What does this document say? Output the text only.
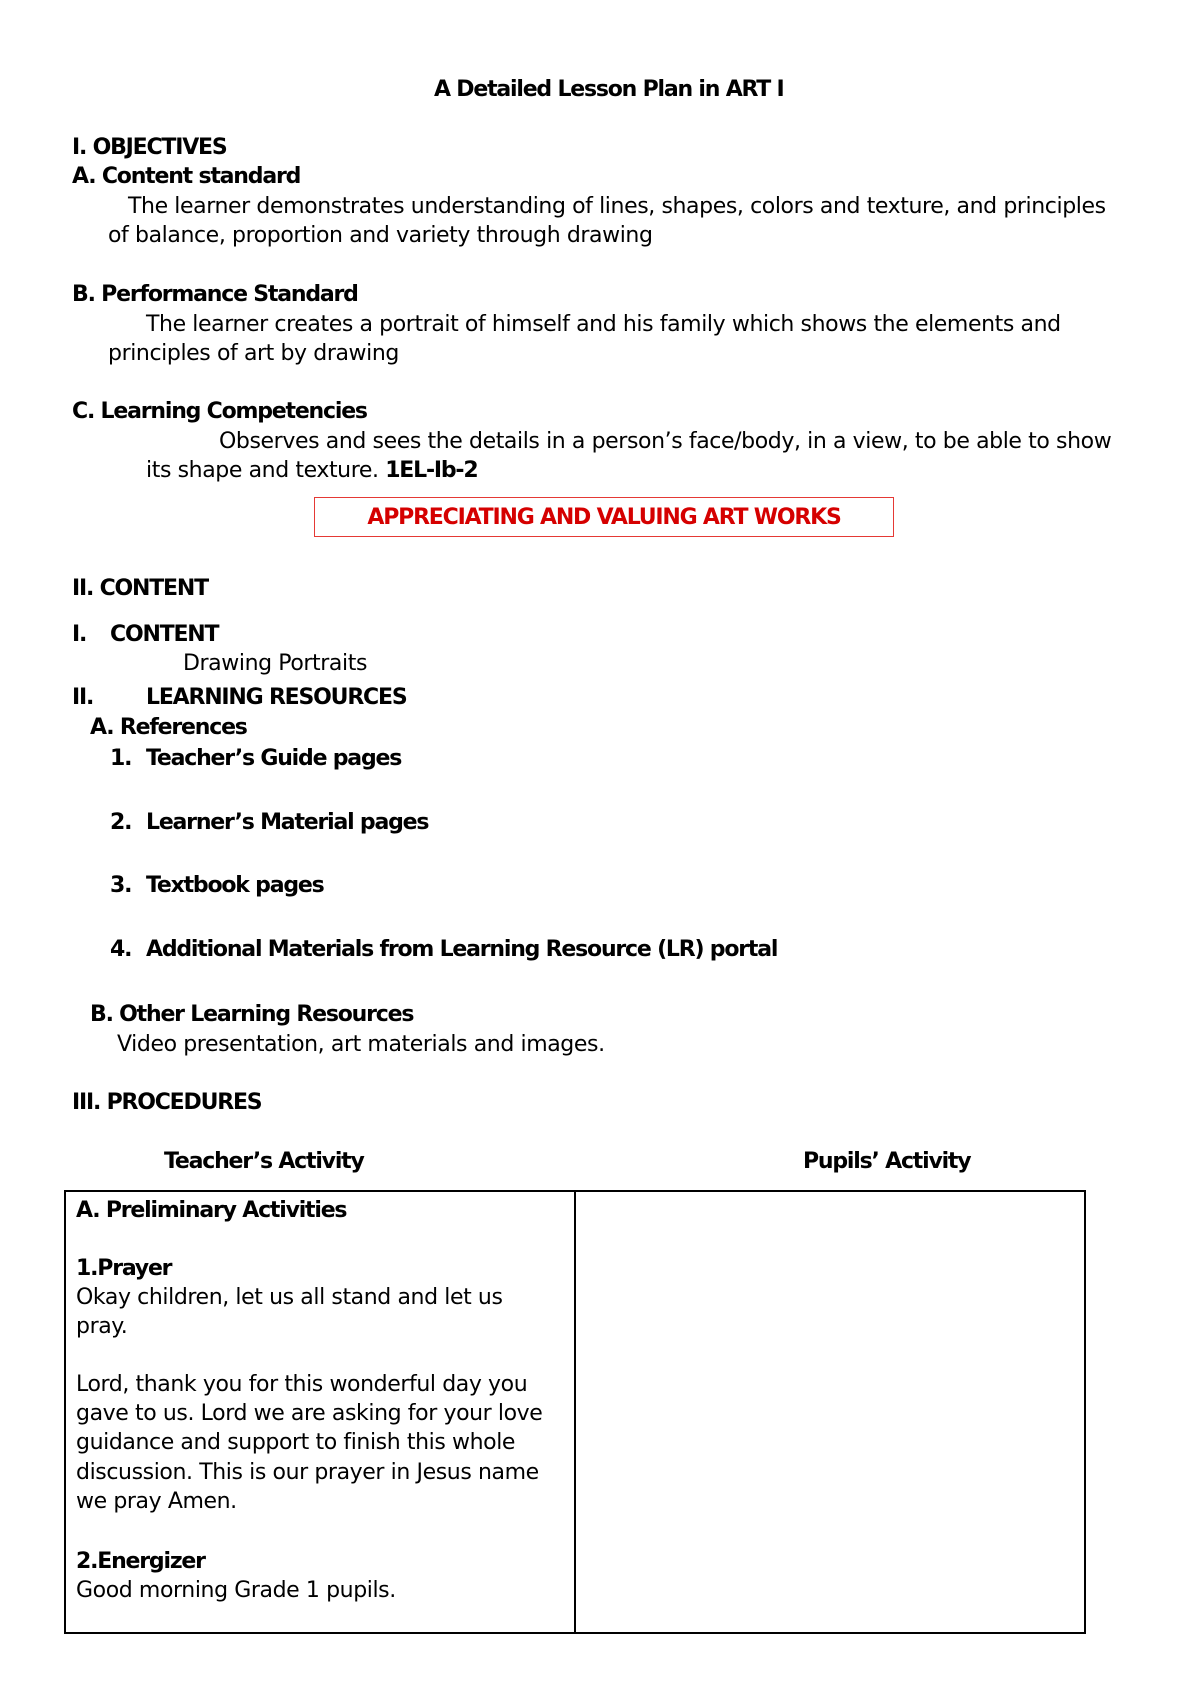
A Detailed Lesson Plan in ART I
I. OBJECTIVES
A. Content standard
The learner demonstrates understanding of lines, shapes, colors and texture, and principles
of balance, proportion and variety through drawing
B. Performance Standard
The learner creates a portrait of himself and his family which shows the elements and
principles of art by drawing
C. Learning Competencies
Observes and sees the details in a person’s face/body, in a view, to be able to show
its shape and texture. 1EL-Ib-2
APPRECIATING AND VALUING ART WORKS
II. CONTENT
I. CONTENT
Drawing Portraits
II. LEARNING RESOURCES
A. References
1. Teacher’s Guide pages
2. Learner’s Material pages
3. Textbook pages
4. Additional Materials from Learning Resource (LR) portal
B. Other Learning Resources
Video presentation, art materials and images.
III. PROCEDURES
Teacher’s Activity	Pupils’ Activity
A. Preliminary Activities
1.Prayer
Okay children, let us all stand and let us
pray.
Lord, thank you for this wonderful day you
gave to us. Lord we are asking for your love
guidance and support to finish this whole
discussion. This is our prayer in Jesus name
we pray Amen.
2.Energizer
Good morning Grade 1 pupils.
